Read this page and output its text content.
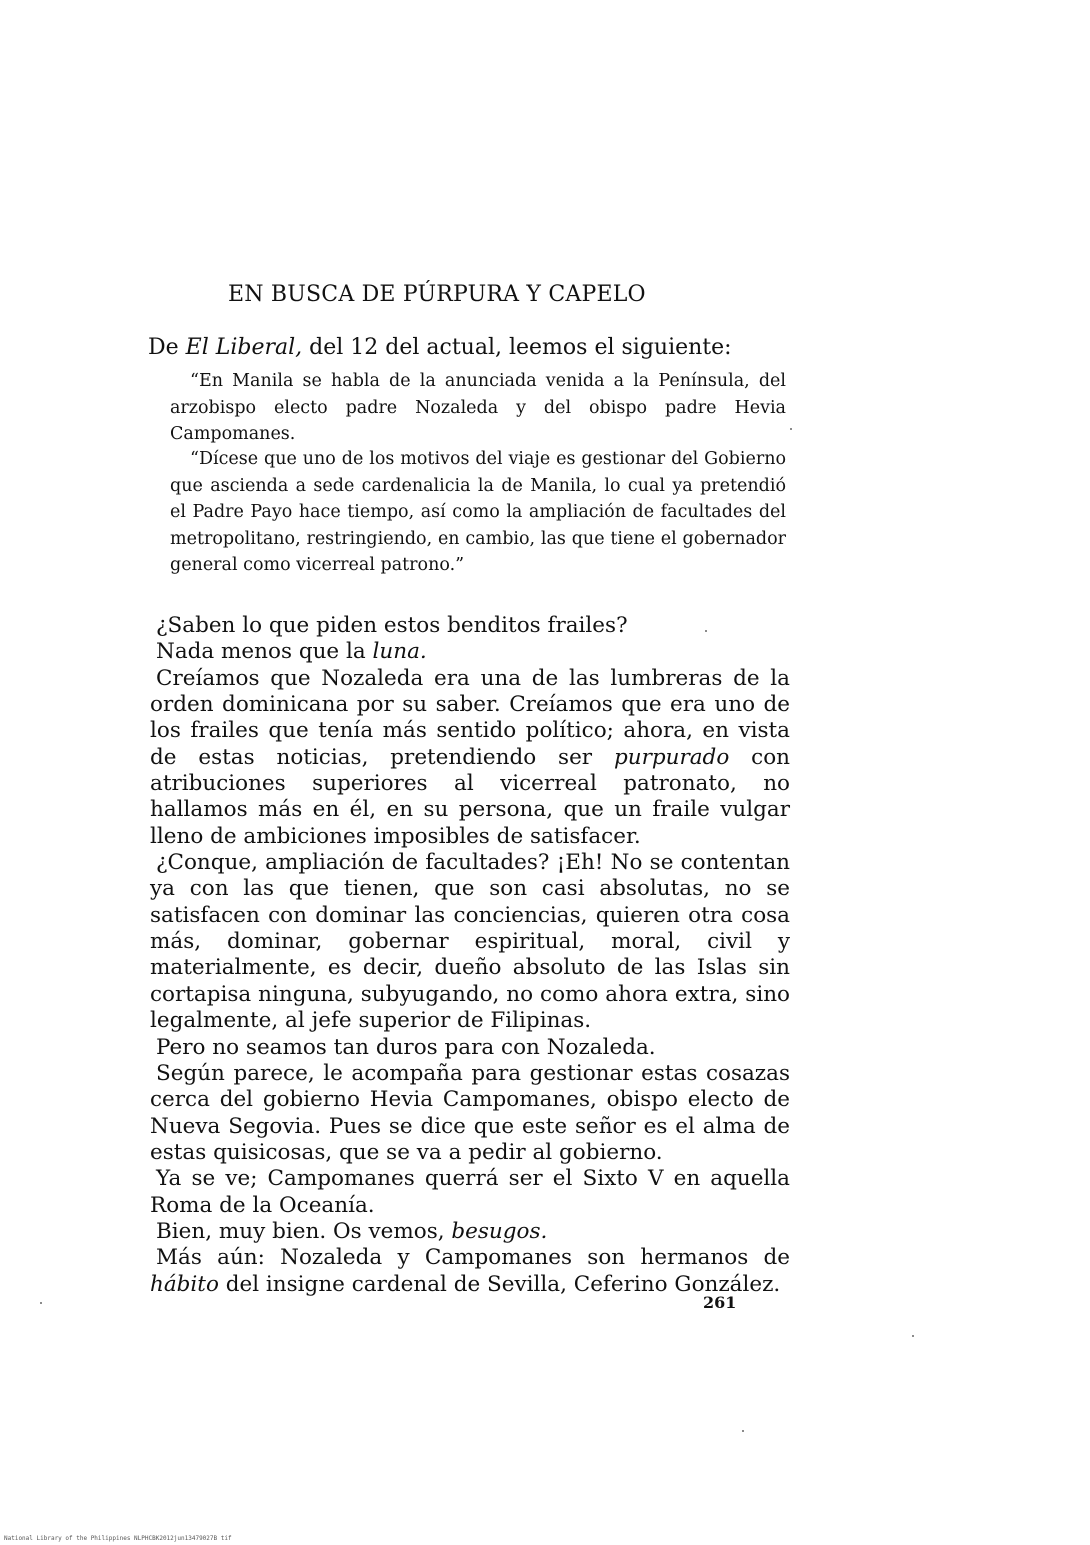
EN BUSCA DE PÚRPURA Y CAPELO
De El Liberal, del 12 del actual, leemos el siguiente:
“En Manila se habla de la anunciada venida a la Península, del arzobispo electo padre Nozaleda y del obispo padre Hevia Campomanes.
“Dícese que uno de los motivos del viaje es gestionar del Gobierno que ascienda a sede cardenalicia la de Manila, lo cual ya pretendió el Padre Payo hace tiempo, así como la ampliación de facultades del metropolitano, restringiendo, en cambio, las que tiene el gobernador general como vicerreal patrono.”

¿Saben lo que piden estos benditos frailes?

Nada menos que la luna.

Creíamos que Nozaleda era una de las lumbreras de la orden dominicana por su saber. Creíamos que era uno de los frailes que tenía más sentido político; ahora, en vista de estas noticias, pretendiendo ser purpurado con atribuciones superiores al vicerreal patronato, no hallamos más en él, en su persona, que un fraile vulgar lleno de ambiciones imposibles de satisfacer.

¿Conque, ampliación de facultades? ¡Eh! No se contentan ya con las que tienen, que son casi absolutas, no se satisfacen con dominar las conciencias, quieren otra cosa más, dominar, gobernar espiritual, moral, civil y materialmente, es decir, dueño absoluto de las Islas sin cortapisa ninguna, subyugando, no como ahora extra, sino legalmente, al jefe superior de Filipinas.

Pero no seamos tan duros para con Nozaleda.

Según parece, le acompaña para gestionar estas cosazas cerca del gobierno Hevia Campomanes, obispo electo de Nueva Segovia. Pues se dice que este señor es el alma de estas quisicosas, que se va a pedir al gobierno.

Ya se ve; Campomanes querrá ser el Sixto V en aquella Roma de la Oceanía.

Bien, muy bien. Os vemos, besugos.

Más aún: Nozaleda y Campomanes son hermanos de hábito del insigne cardenal de Sevilla, Ceferino González.

261
National Library of the Philippines NLPHCBK2012jun13479027B tif
